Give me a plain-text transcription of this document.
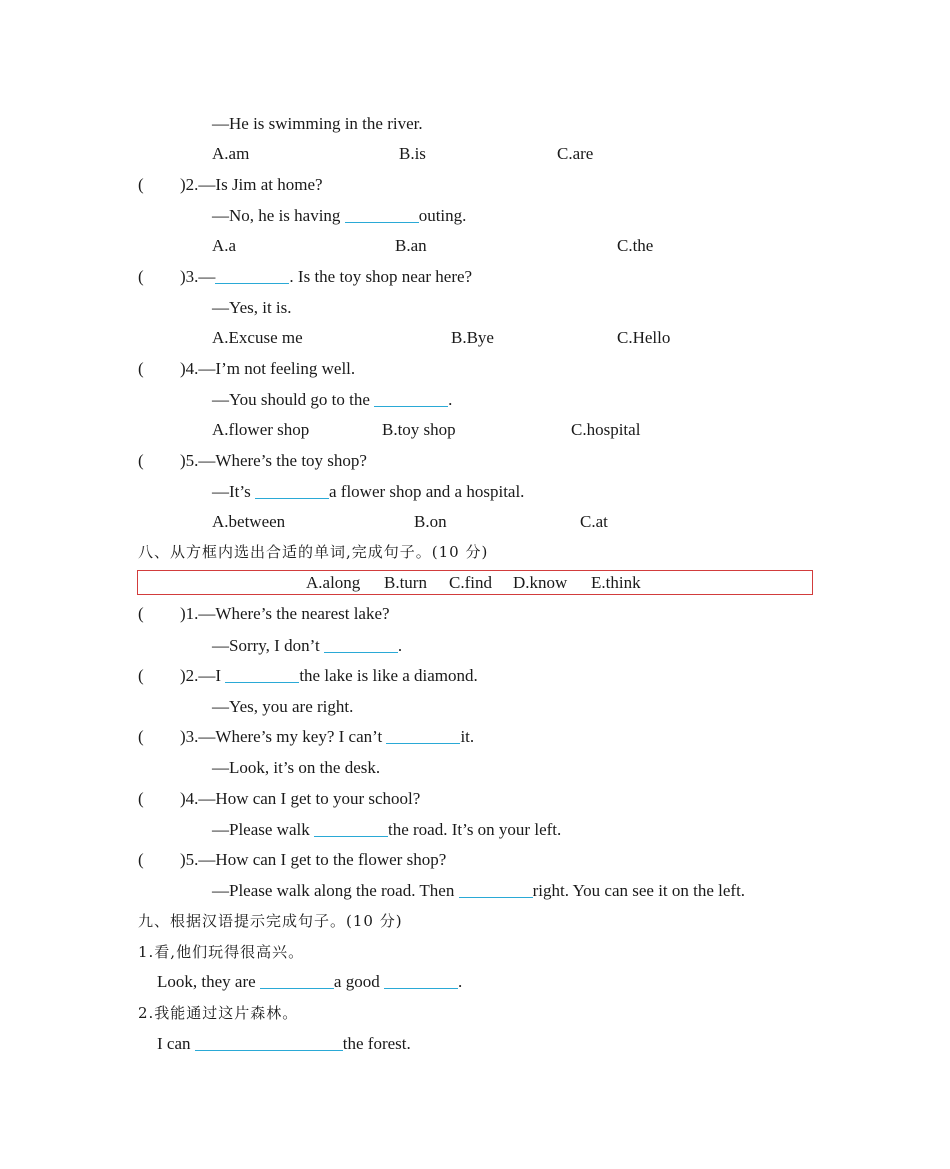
—He is swimming in the river.
A.am	B.is	C.are
( )2.—Is Jim at home?
—No, he is having	outing.
A.a	B.an	C.the
( )3.—	. Is the toy shop near here?
—Yes, it is.
A.Excuse me	B.Bye	C.Hello
( )4.—I’m not feeling well.
—You should go to the	.
A.flower shop	B.toy shop	C.hospital
( )5.—Where’s the toy shop?
—It’s	a flower shop and a hospital.
A.between	B.on	C.at
八、从方框内选出合适的单词,完成句子。(10 分)
A.along B.turn C.find D.know E.think
( )1.—Where’s the nearest lake?
—Sorry, I don’t	.
( )2.—I	the lake is like a diamond.
—Yes, you are right.
( )3.—Where’s my key? I can’t	it.
—Look, it’s on the desk.
( )4.—How can I get to your school?
—Please walk	the road. It’s on your left.
( )5.—How can I get to the flower shop?
—Please walk along the road. Then	right. You can see it on the left.
九、根据汉语提示完成句子。(10 分)
1.看,他们玩得很高兴。
Look, they are	a good	.
2.我能通过这片森林。
I can	the forest.
